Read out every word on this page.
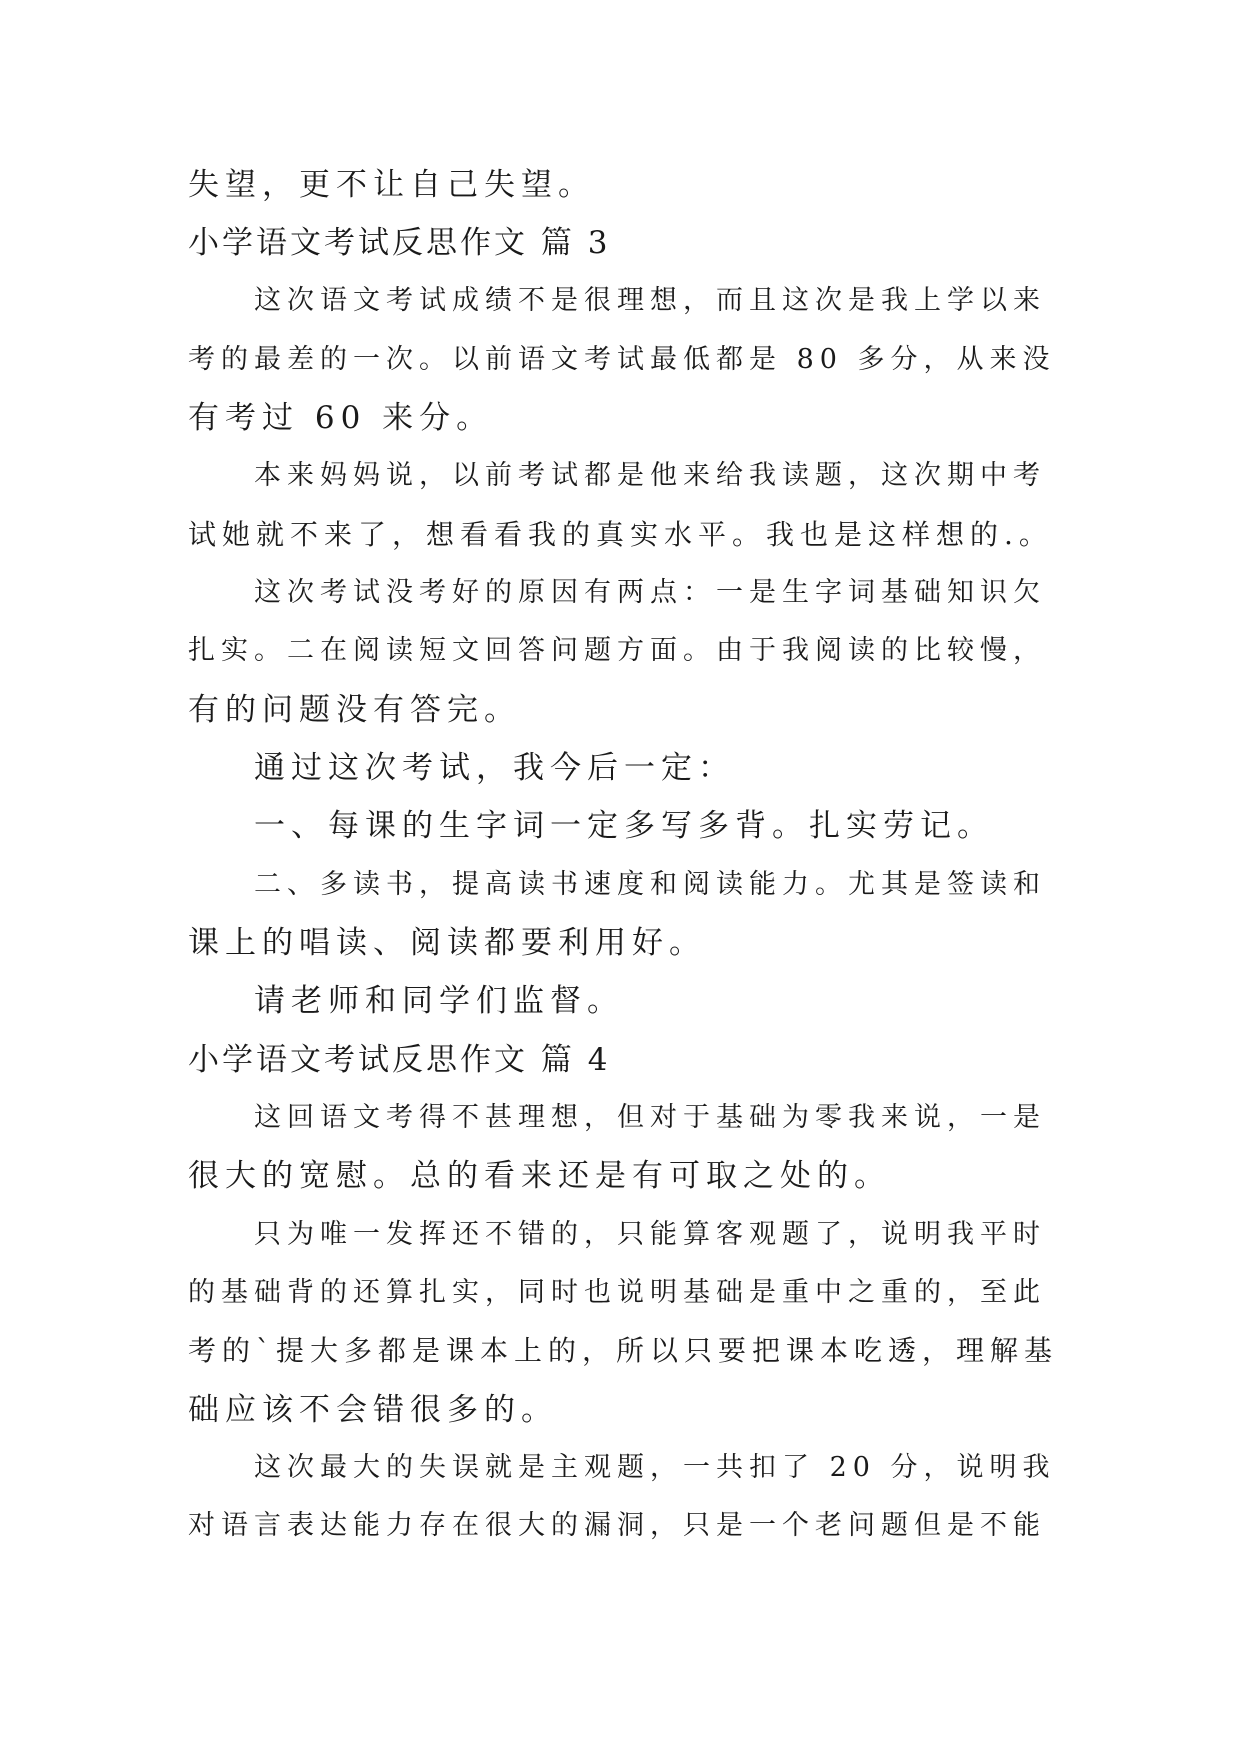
失望，更不让自己失望。
小学语文考试反思作文 篇 3
这次语文考试成绩不是很理想，而且这次是我上学以来
考的最差的一次。以前语文考试最低都是 80 多分，从来没
有考过 60 来分。
本来妈妈说，以前考试都是他来给我读题，这次期中考
试她就不来了，想看看我的真实水平。我也是这样想的.。
这次考试没考好的原因有两点：一是生字词基础知识欠
扎实。二在阅读短文回答问题方面。由于我阅读的比较慢，
有的问题没有答完。
通过这次考试，我今后一定：
一、每课的生字词一定多写多背。扎实劳记。
二、多读书，提高读书速度和阅读能力。尤其是签读和
课上的唱读、阅读都要利用好。
请老师和同学们监督。
小学语文考试反思作文 篇 4
这回语文考得不甚理想，但对于基础为零我来说，一是
很大的宽慰。总的看来还是有可取之处的。
只为唯一发挥还不错的，只能算客观题了，说明我平时
的基础背的还算扎实，同时也说明基础是重中之重的，至此
考的`提大多都是课本上的，所以只要把课本吃透，理解基
础应该不会错很多的。
这次最大的失误就是主观题，一共扣了 20 分，说明我
对语言表达能力存在很大的漏洞，只是一个老问题但是不能
